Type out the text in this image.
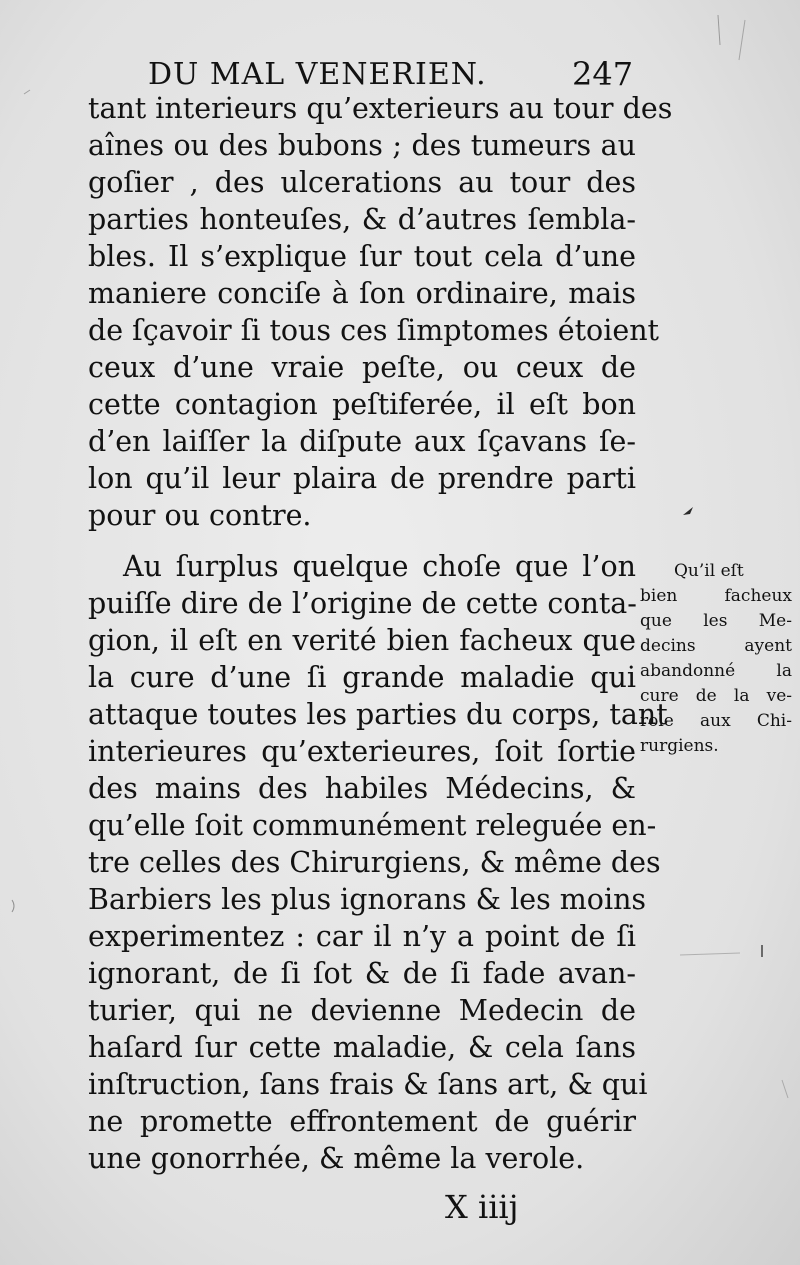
DU MAL VENERIEN.	247
tant interieurs qu’exterieurs au tour des
aînes ou des bubons ; des tumeurs au
goſier , des ulcerations au tour des
parties honteuſes, & d’autres ſembla-
bles. Il s’explique ſur tout cela d’une
maniere conciſe à ſon ordinaire, mais
de ſçavoir ſi tous ces ſimptomes étoient
ceux d’une vraie peſte, ou ceux de
cette contagion peſtiferée, il eſt bon
d’en laiſſer la diſpute aux ſçavans ſe-
lon qu’il leur plaira de prendre parti
pour ou contre.
Au ſurplus quelque choſe que l’on
puiſſe dire de l’origine de cette conta-
gion, il eſt en verité bien facheux que
la cure d’une ſi grande maladie qui
attaque toutes les parties du corps, tant
interieures qu’exterieures, ſoit ſortie
des mains des habiles Médecins, &
qu’elle ſoit communément releguée en-
tre celles des Chirurgiens, & même des
Barbiers les plus ignorans & les moins
experimentez : car il n’y a point de ſi
ignorant, de ſi ſot & de ſi fade avan-
turier, qui ne devienne Medecin de
haſard ſur cette maladie, & cela ſans
inſtruction, ſans frais & ſans art, & qui
ne promette effrontement de guérir
une gonorrhée, & même la verole.
Qu’il eſt
bien facheux
que les Me-
decins ayent
abandonné la
cure de la ve-
role aux Chi-
rurgiens.
X iiij
